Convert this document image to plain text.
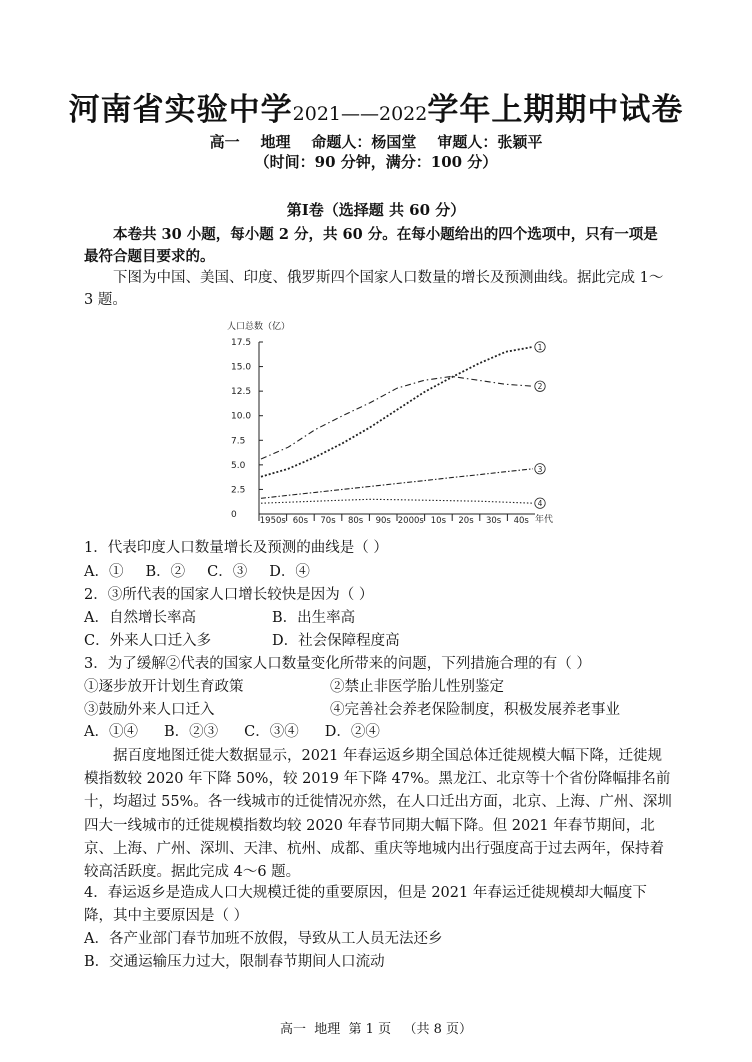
河南省实验中学2021——2022学年上期期中试卷
高一    地理    命题人：杨国堂    审题人：张颖平
（时间：90 分钟，满分：100 分）
第Ⅰ卷（选择题 共 60 分）
本卷共 30 小题，每小题 2 分，共 60 分。在每小题给出的四个选项中，只有一项是最符合题目要求的。
下图为中国、美国、印度、俄罗斯四个国家人口数量的增长及预测曲线。据此完成 1～3 题。
人口总数（亿）
17.5
15.0
12.5
10.0
7.5
5.0
2.5
0
1950s 60s 70s 80s 90s 2000s 10s 20s 30s 40s 年代
1
2
3
4
1．代表印度人口数量增长及预测的曲线是（ ）
A．① B．② C．③ D．④
2．③所代表的国家人口增长较快是因为（ ）
A．自然增长率高	B．出生率高
C．外来人口迁入多	D．社会保障程度高
3．为了缓解②代表的国家人口数量变化所带来的问题，下列措施合理的有（ ）
①逐步放开计划生育政策	②禁止非医学胎儿性别鉴定
③鼓励外来人口迁入	④完善社会养老保险制度，积极发展养老事业
A．①④ B．②③ C．③④ D．②④
据百度地图迁徙大数据显示，2021 年春运返乡期全国总体迁徙规模大幅下降，迁徙规模指数较 2020 年下降 50%，较 2019 年下降 47%。黑龙江、北京等十个省份降幅排名前十，均超过 55%。各一线城市的迁徙情况亦然，在人口迁出方面，北京、上海、广州、深圳四大一线城市的迁徙规模指数均较 2020 年春节同期大幅下降。但 2021 年春节期间，北京、上海、广州、深圳、天津、杭州、成都、重庆等地城内出行强度高于过去两年，保持着较高活跃度。据此完成 4～6 题。
4．春运返乡是造成人口大规模迁徙的重要原因，但是 2021 年春运迁徙规模却大幅度下降，其中主要原因是（ ）
A．各产业部门春节加班不放假，导致从工人员无法还乡
B．交通运输压力过大，限制春节期间人口流动
高一  地理  第 1 页   （共 8 页）
